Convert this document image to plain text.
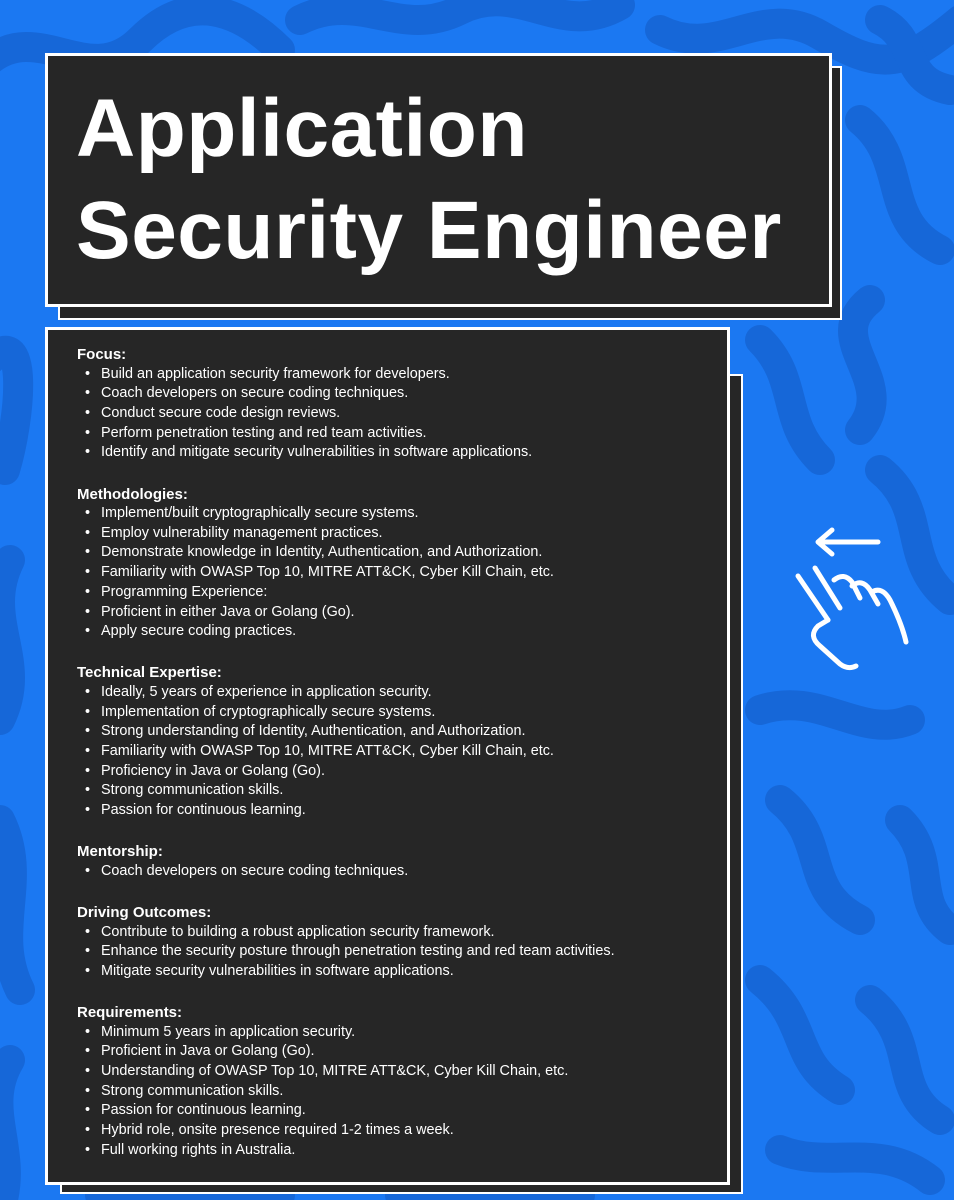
Application
Security Engineer
Focus:
• Build an application security framework for developers.
• Coach developers on secure coding techniques.
• Conduct secure code design reviews.
• Perform penetration testing and red team activities.
• Identify and mitigate security vulnerabilities in software applications.
Methodologies:
• Implement/built cryptographically secure systems.
• Employ vulnerability management practices.
• Demonstrate knowledge in Identity, Authentication, and Authorization.
• Familiarity with OWASP Top 10, MITRE ATT&CK, Cyber Kill Chain, etc.
• Programming Experience:
• Proficient in either Java or Golang (Go).
• Apply secure coding practices.
Technical Expertise:
• Ideally, 5 years of experience in application security.
• Implementation of cryptographically secure systems.
• Strong understanding of Identity, Authentication, and Authorization.
• Familiarity with OWASP Top 10, MITRE ATT&CK, Cyber Kill Chain, etc.
• Proficiency in Java or Golang (Go).
• Strong communication skills.
• Passion for continuous learning.
Mentorship:
• Coach developers on secure coding techniques.
Driving Outcomes:
• Contribute to building a robust application security framework.
• Enhance the security posture through penetration testing and red team activities.
• Mitigate security vulnerabilities in software applications.
Requirements:
• Minimum 5 years in application security.
• Proficient in Java or Golang (Go).
• Understanding of OWASP Top 10, MITRE ATT&CK, Cyber Kill Chain, etc.
• Strong communication skills.
• Passion for continuous learning.
• Hybrid role, onsite presence required 1-2 times a week.
• Full working rights in Australia.
